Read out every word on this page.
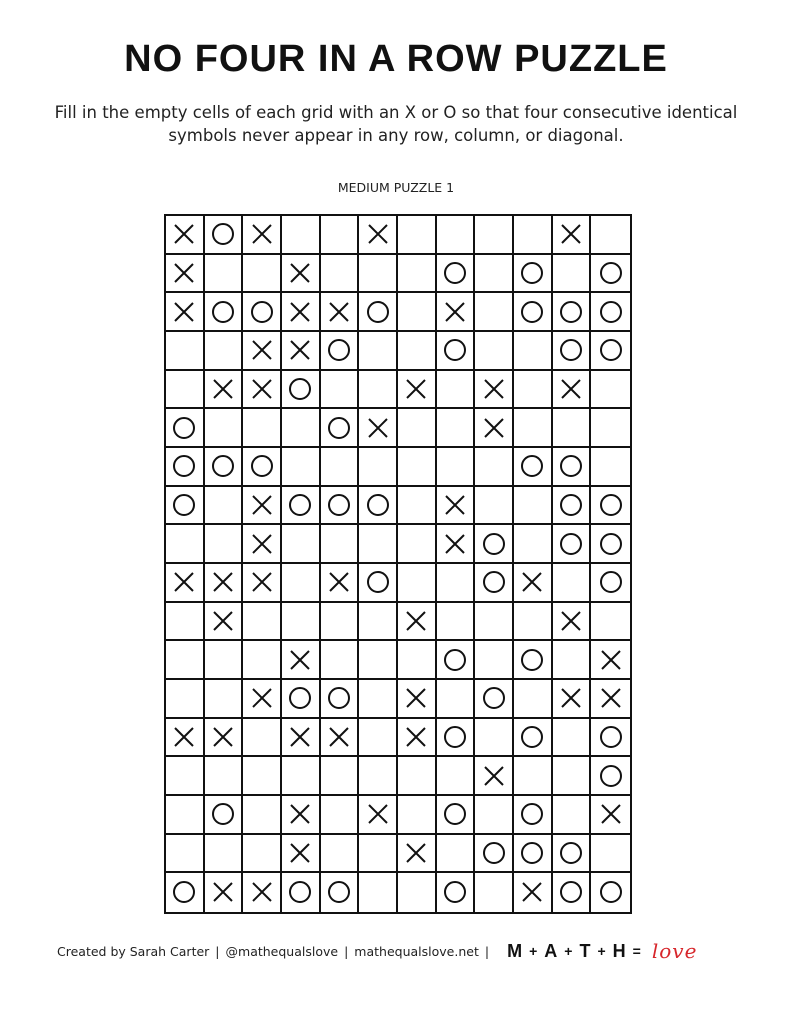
NO FOUR IN A ROW PUZZLE
Fill in the empty cells of each grid with an X or O so that four consecutive identical symbols never appear in any row, column, or diagonal.
MEDIUM PUZZLE 1
Created by Sarah Carter | @mathequalslove | mathequalslove.net | M + A + T + H = love
